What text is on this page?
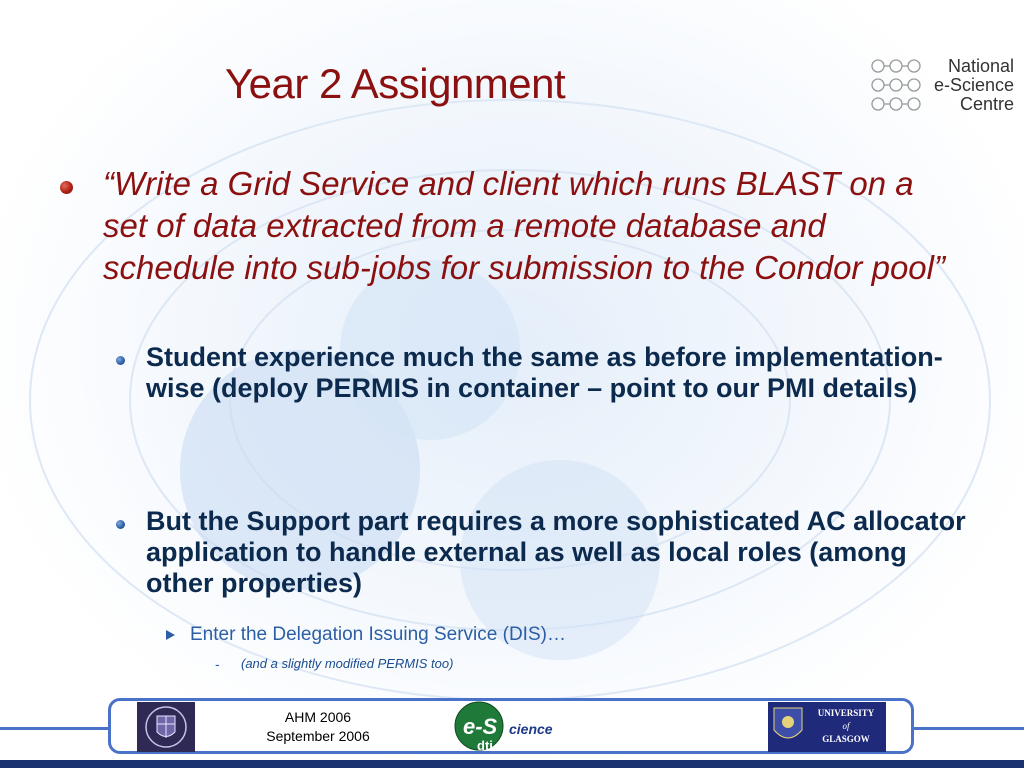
Year 2 Assignment	National
e-Science
Centre
“Write a Grid Service and client which runs BLAST on a set of data extracted from a remote database and schedule into sub-jobs for submission to the Condor pool”
Student experience much the same as before implementation-wise (deploy PERMIS in container – point to our PMI details)
But the Support part requires a more sophisticated AC allocator application to handle external as well as local roles (among other properties)
Enter the Delegation Issuing Service (DIS)…
- (and a slightly modified PERMIS too)
AHM 2006
September 2006	e-S cience
dti
UNIVERSITY
of
GLASGOW
